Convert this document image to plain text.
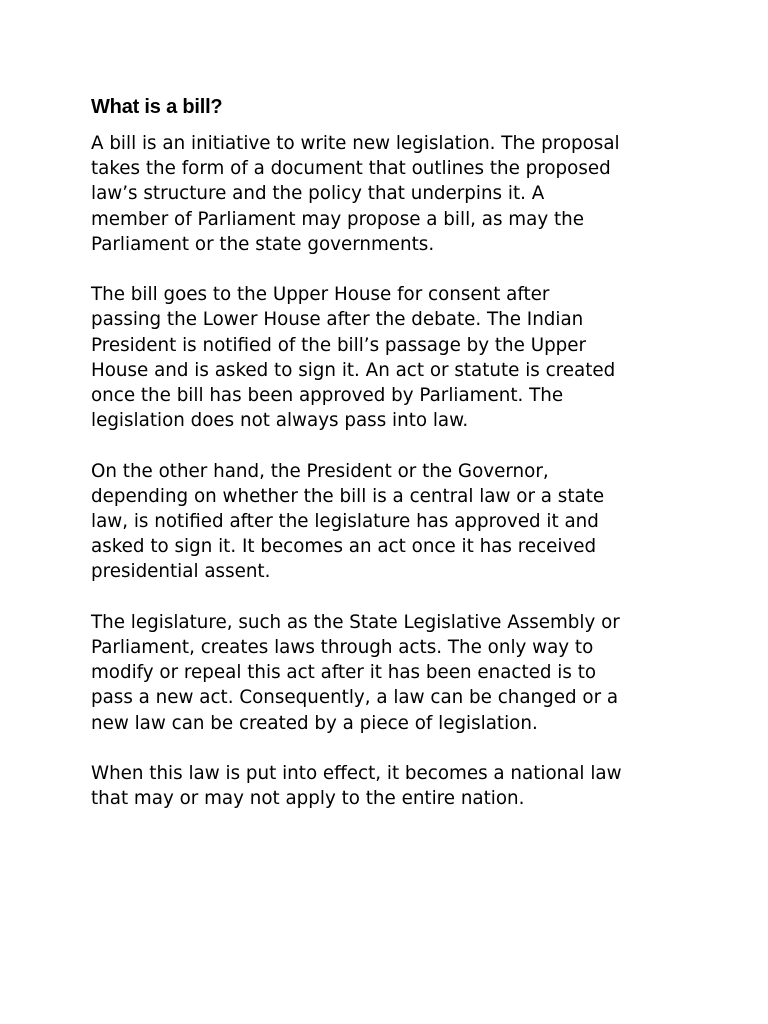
What is a bill?

A bill is an initiative to write new legislation. The proposal
takes the form of a document that outlines the proposed
law’s structure and the policy that underpins it. A
member of Parliament may propose a bill, as may the
Parliament or the state governments.

The bill goes to the Upper House for consent after
passing the Lower House after the debate. The Indian
President is notified of the bill’s passage by the Upper
House and is asked to sign it. An act or statute is created
once the bill has been approved by Parliament. The
legislation does not always pass into law.

On the other hand, the President or the Governor,
depending on whether the bill is a central law or a state
law, is notified after the legislature has approved it and
asked to sign it. It becomes an act once it has received
presidential assent.

The legislature, such as the State Legislative Assembly or
Parliament, creates laws through acts. The only way to
modify or repeal this act after it has been enacted is to
pass a new act. Consequently, a law can be changed or a
new law can be created by a piece of legislation.

When this law is put into effect, it becomes a national law
that may or may not apply to the entire nation.
